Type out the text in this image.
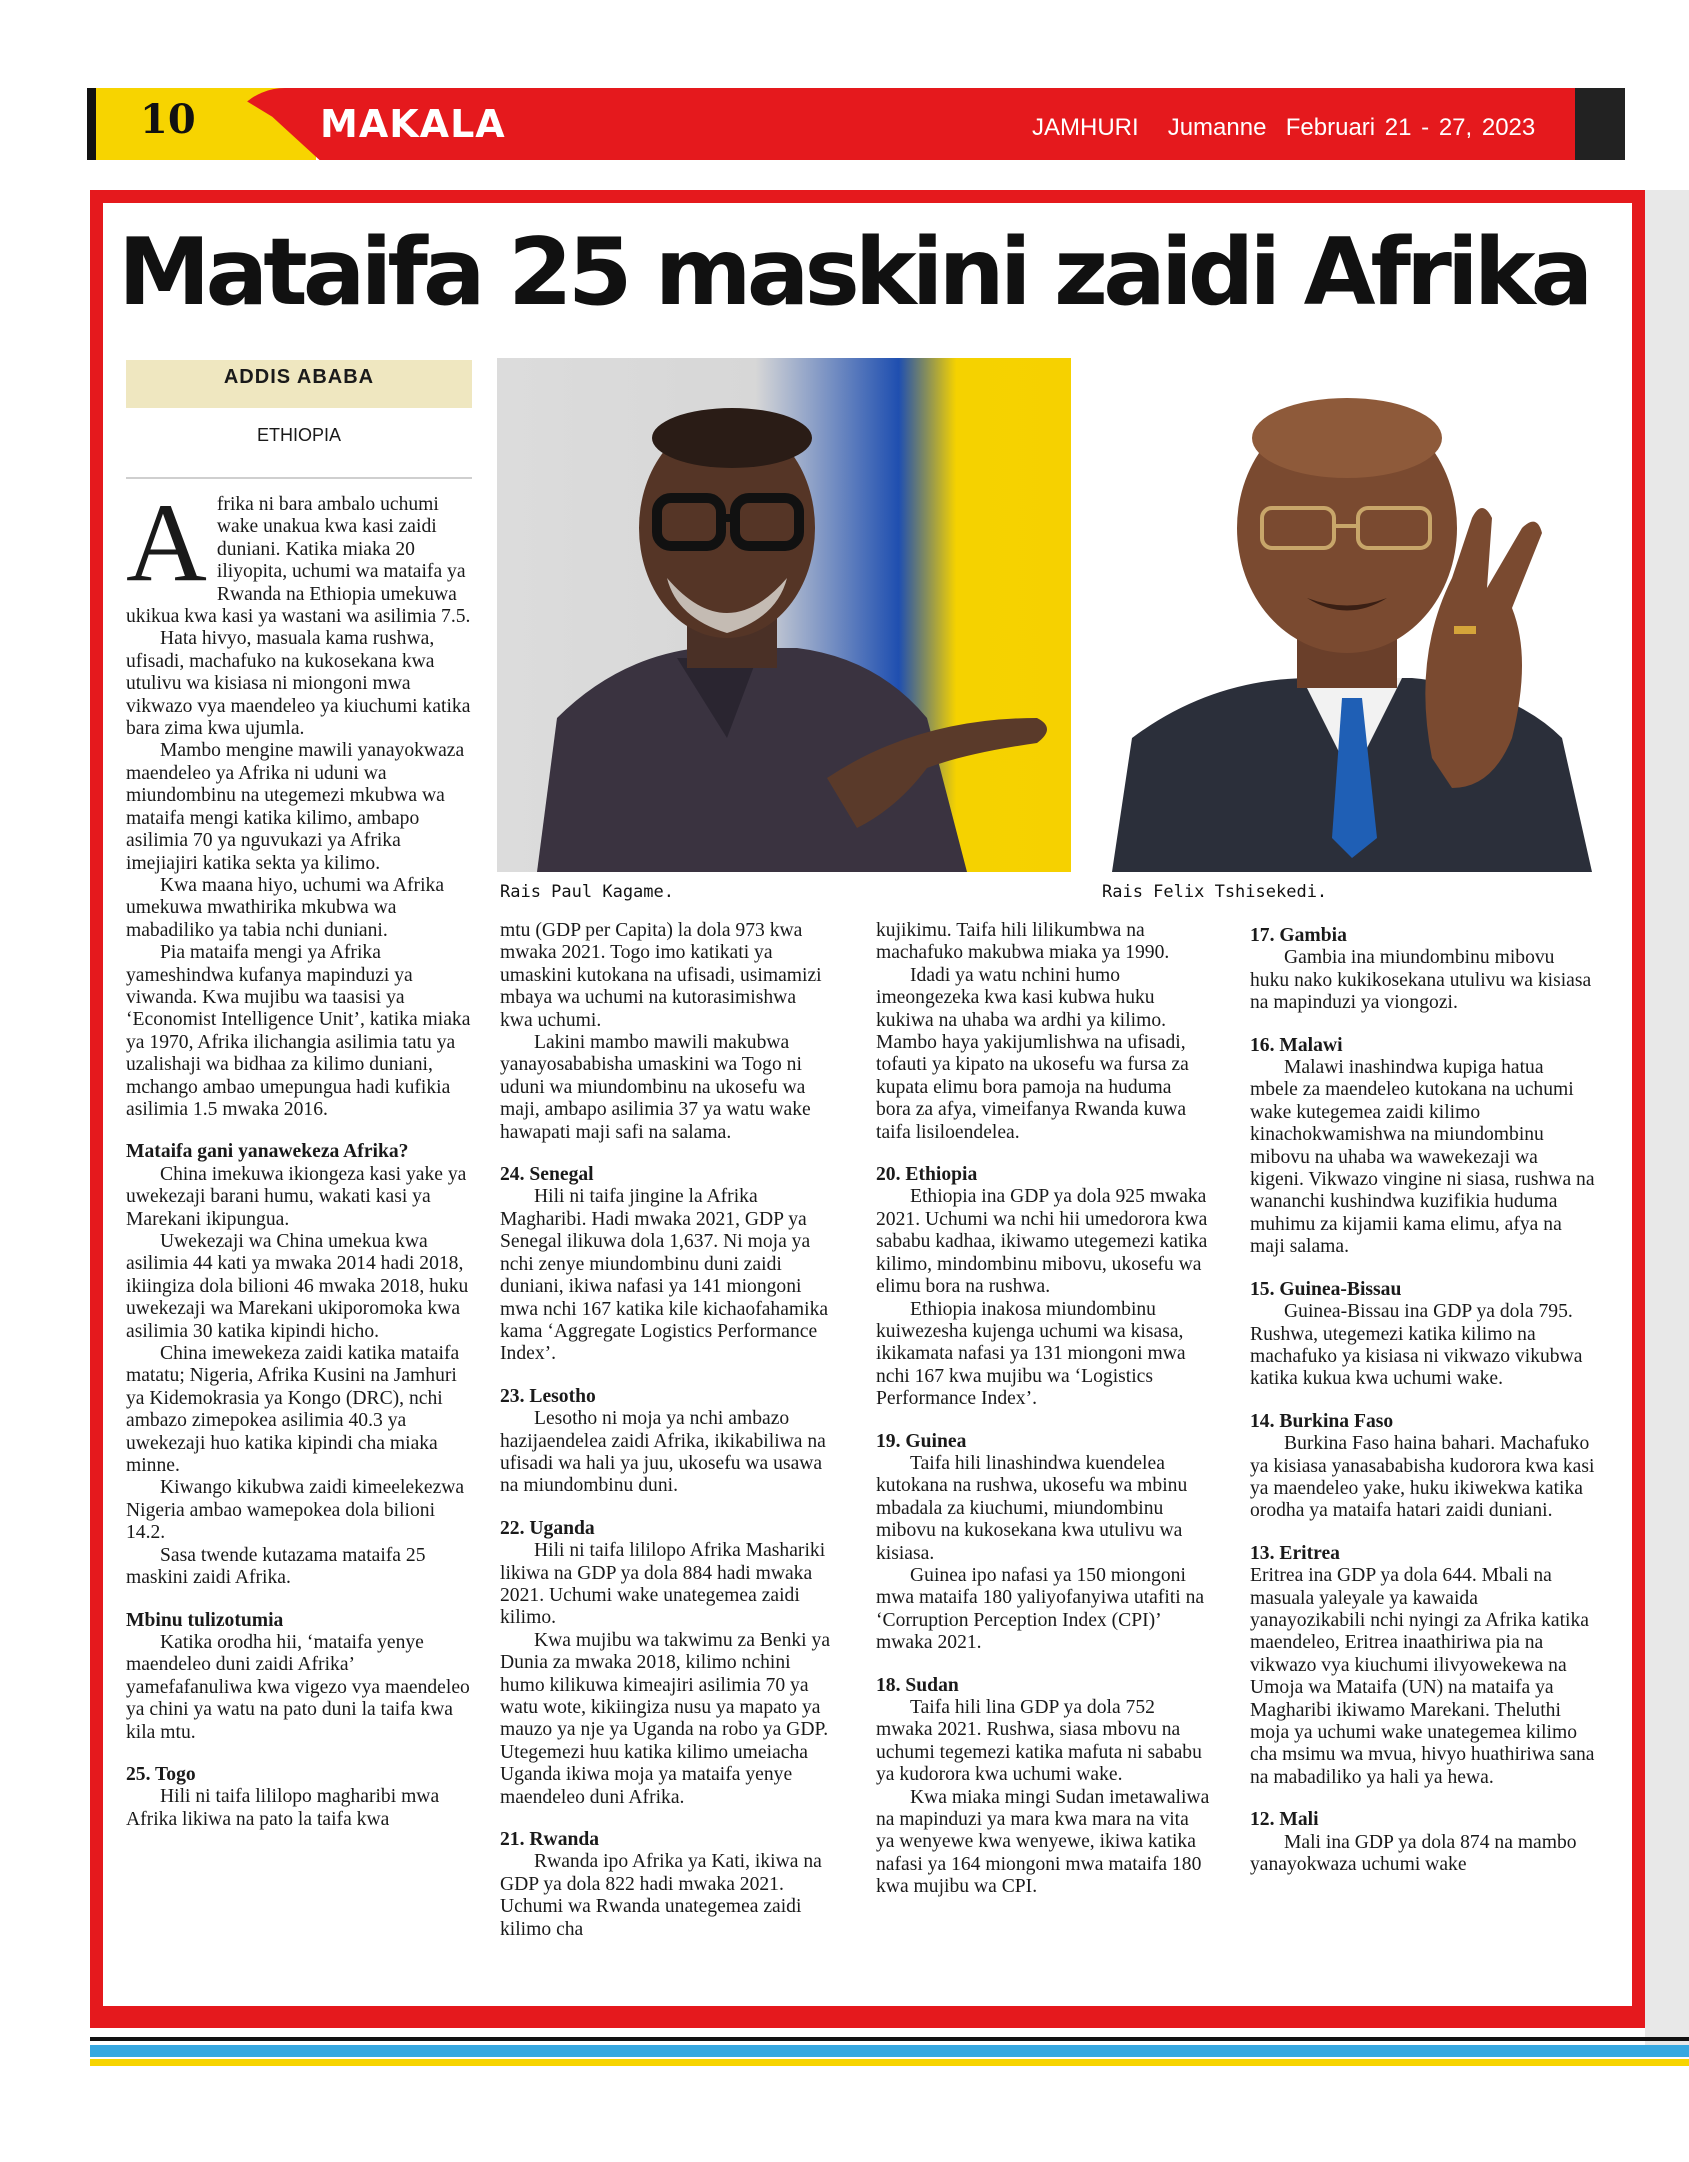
10	MAKALA	JAMHURI Jumanne Februari 21 - 27, 2023
Mataifa 25 maskini zaidi Afrika
ADDIS ABABA
ETHIOPIA
Rais Paul Kagame.	Rais Felix Tshisekedi.
A frika ni bara ambalo uchumi wake unakua kwa kasi zaidi duniani. Katika miaka 20 iliyopita, uchumi wa mataifa ya Rwanda na Ethiopia umekuwa ukikua kwa kasi ya wastani wa asilimia 7.5.

Hata hivyo, masuala kama rushwa, ufisadi, machafuko na kukosekana kwa utulivu wa kisiasa ni miongoni mwa vikwazo vya maendeleo ya kiuchumi katika bara zima kwa ujumla.

Mambo mengine mawili yanayokwaza maendeleo ya Afrika ni uduni wa miundombinu na utegemezi mkubwa wa mataifa mengi katika kilimo, ambapo asilimia 70 ya nguvukazi ya Afrika imejiajiri katika sekta ya kilimo.

Kwa maana hiyo, uchumi wa Afrika umekuwa mwathirika mkubwa wa mabadiliko ya tabia nchi duniani.

Pia mataifa mengi ya Afrika yameshindwa kufanya mapinduzi ya viwanda. Kwa mujibu wa taasisi ya ‘Economist Intelligence Unit’, katika miaka ya 1970, Afrika ilichangia asilimia tatu ya uzalishaji wa bidhaa za kilimo duniani, mchango ambao umepungua hadi kufikia asilimia 1.5 mwaka 2016.

Mataifa gani yanawekeza Afrika?

China imekuwa ikiongeza kasi yake ya uwekezaji barani humu, wakati kasi ya Marekani ikipungua.

Uwekezaji wa China umekua kwa asilimia 44 kati ya mwaka 2014 hadi 2018, ikiingiza dola bilioni 46 mwaka 2018, huku uwekezaji wa Marekani ukiporomoka kwa asilimia 30 katika kipindi hicho.

China imewekeza zaidi katika mataifa matatu; Nigeria, Afrika Kusini na Jamhuri ya Kidemokrasia ya Kongo (DRC), nchi ambazo zimepokea asilimia 40.3 ya uwekezaji huo katika kipindi cha miaka minne.

Kiwango kikubwa zaidi kimeelekezwa Nigeria ambao wamepokea dola bilioni 14.2.

Sasa twende kutazama mataifa 25 maskini zaidi Afrika.

Mbinu tulizotumia

Katika orodha hii, ‘mataifa yenye maendeleo duni zaidi Afrika’ yamefafanuliwa kwa vigezo vya maendeleo ya chini ya watu na pato duni la taifa kwa kila mtu.

25. Togo

Hili ni taifa lililopo magharibi mwa Afrika likiwa na pato la taifa kwa

mtu (GDP per Capita) la dola 973 kwa mwaka 2021. Togo imo katikati ya umaskini kutokana na ufisadi, usimamizi mbaya wa uchumi na kutorasimishwa kwa uchumi.

Lakini mambo mawili makubwa yanayosababisha umaskini wa Togo ni uduni wa miundombinu na ukosefu wa maji, ambapo asilimia 37 ya watu wake hawapati maji safi na salama.

24. Senegal

Hili ni taifa jingine la Afrika Magharibi. Hadi mwaka 2021, GDP ya Senegal ilikuwa dola 1,637. Ni moja ya nchi zenye miundombinu duni zaidi duniani, ikiwa nafasi ya 141 miongoni mwa nchi 167 katika kile kichaofahamika kama ‘Aggregate Logistics Performance Index’.

23. Lesotho

Lesotho ni moja ya nchi ambazo hazijaendelea zaidi Afrika, ikikabiliwa na ufisadi wa hali ya juu, ukosefu wa usawa na miundombinu duni.

22. Uganda

Hili ni taifa lililopo Afrika Mashariki likiwa na GDP ya dola 884 hadi mwaka 2021. Uchumi wake unategemea zaidi kilimo.

Kwa mujibu wa takwimu za Benki ya Dunia za mwaka 2018, kilimo nchini humo kilikuwa kimeajiri asilimia 70 ya watu wote, kikiingiza nusu ya mapato ya mauzo ya nje ya Uganda na robo ya GDP. Utegemezi huu katika kilimo umeiacha Uganda ikiwa moja ya mataifa yenye maendeleo duni Afrika.

21. Rwanda

Rwanda ipo Afrika ya Kati, ikiwa na GDP ya dola 822 hadi mwaka 2021. Uchumi wa Rwanda unategemea zaidi kilimo cha

kujikimu. Taifa hili lilikumbwa na machafuko makubwa miaka ya 1990.

Idadi ya watu nchini humo imeongezeka kwa kasi kubwa huku kukiwa na uhaba wa ardhi ya kilimo. Mambo haya yakijumlishwa na ufisadi, tofauti ya kipato na ukosefu wa fursa za kupata elimu bora pamoja na huduma bora za afya, vimeifanya Rwanda kuwa taifa lisiloendelea.

20. Ethiopia

Ethiopia ina GDP ya dola 925 mwaka 2021. Uchumi wa nchi hii umedorora kwa sababu kadhaa, ikiwamo utegemezi katika kilimo, mindombinu mibovu, ukosefu wa elimu bora na rushwa.

Ethiopia inakosa miundombinu kuiwezesha kujenga uchumi wa kisasa, ikikamata nafasi ya 131 miongoni mwa nchi 167 kwa mujibu wa ‘Logistics Performance Index’.

19. Guinea

Taifa hili linashindwa kuendelea kutokana na rushwa, ukosefu wa mbinu mbadala za kiuchumi, miundombinu mibovu na kukosekana kwa utulivu wa kisiasa.

Guinea ipo nafasi ya 150 miongoni mwa mataifa 180 yaliyofanyiwa utafiti na ‘Corruption Perception Index (CPI)’ mwaka 2021.

18. Sudan

Taifa hili lina GDP ya dola 752 mwaka 2021. Rushwa, siasa mbovu na uchumi tegemezi katika mafuta ni sababu ya kudorora kwa uchumi wake.

Kwa miaka mingi Sudan imetawaliwa na mapinduzi ya mara kwa mara na vita ya wenyewe kwa wenyewe, ikiwa katika nafasi ya 164 miongoni mwa mataifa 180 kwa mujibu wa CPI.

17. Gambia

Gambia ina miundombinu mibovu huku nako kukikosekana utulivu wa kisiasa na mapinduzi ya viongozi.

16. Malawi

Malawi inashindwa kupiga hatua mbele za maendeleo kutokana na uchumi wake kutegemea zaidi kilimo kinachokwamishwa na miundombinu mibovu na uhaba wa wawekezaji wa kigeni. Vikwazo vingine ni siasa, rushwa na wananchi kushindwa kuzifikia huduma muhimu za kijamii kama elimu, afya na maji salama.

15. Guinea-Bissau

Guinea-Bissau ina GDP ya dola 795. Rushwa, utegemezi katika kilimo na machafuko ya kisiasa ni vikwazo vikubwa katika kukua kwa uchumi wake.

14. Burkina Faso

Burkina Faso haina bahari. Machafuko ya kisiasa yanasababisha kudorora kwa kasi ya maendeleo yake, huku ikiwekwa katika orodha ya mataifa hatari zaidi duniani.

13. Eritrea

Eritrea ina GDP ya dola 644. Mbali na masuala yaleyale ya kawaida yanayozikabili nchi nyingi za Afrika katika maendeleo, Eritrea inaathiriwa pia na vikwazo vya kiuchumi ilivyowekewa na Umoja wa Mataifa (UN) na mataifa ya Magharibi ikiwamo Marekani. Theluthi moja ya uchumi wake unategemea kilimo cha msimu wa mvua, hivyo huathiriwa sana na mabadiliko ya hali ya hewa.

12. Mali

Mali ina GDP ya dola 874 na mambo yanayokwaza uchumi wake
